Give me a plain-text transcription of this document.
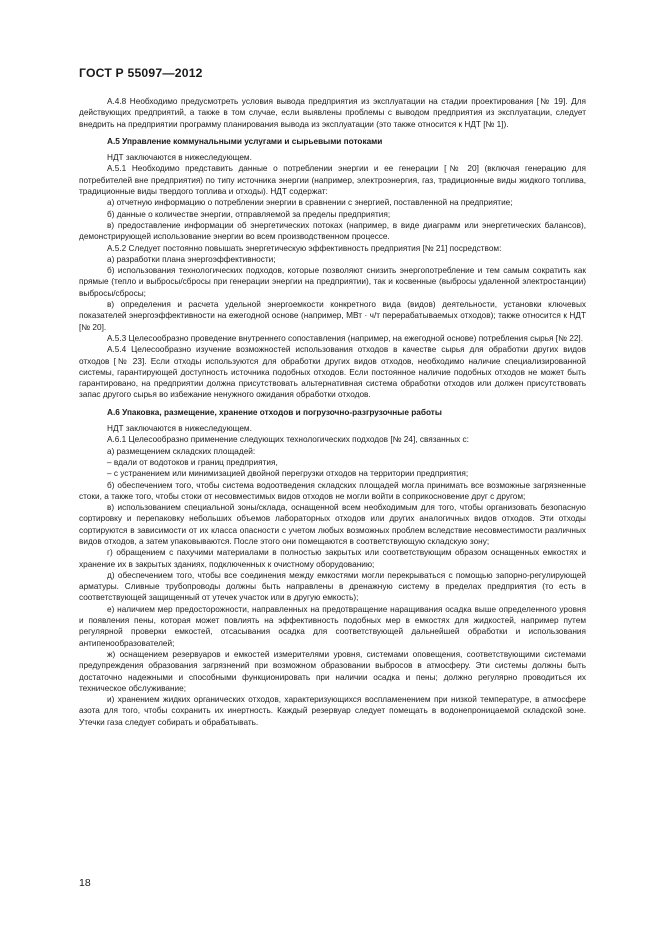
ГОСТ Р 55097—2012

А.4.8 Необходимо предусмотреть условия вывода предприятия из эксплуатации на стадии проектирования [№ 19]. Для действующих предприятий, а также в том случае, если выявлены проблемы с выводом предприятия из эксплуатации, следует внедрить на предприятии программу планирования вывода из эксплуатации (это также относится к НДТ [№ 1]).

А.5 Управление коммунальными услугами и сырьевыми потоками

НДТ заключаются в нижеследующем.

А.5.1 Необходимо представить данные о потреблении энергии и ее генерации [№ 20] (включая генерацию для потребителей вне предприятия) по типу источника энергии (например, электроэнергия, газ, традиционные виды жидкого топлива, традиционные виды твердого топлива и отходы). НДТ содержат:

а) отчетную информацию о потреблении энергии в сравнении с энергией, поставленной на предприятие;

б) данные о количестве энергии, отправляемой за пределы предприятия;

в) предоставление информации об энергетических потоках (например, в виде диаграмм или энергетических балансов), демонстрирующей использование энергии во всем производственном процессе.

А.5.2 Следует постоянно повышать энергетическую эффективность предприятия [№ 21] посредством:

а) разработки плана энергоэффективности;

б) использования технологических подходов, которые позволяют снизить энергопотребление и тем самым сократить как прямые (тепло и выбросы/сбросы при генерации энергии на предприятии), так и косвенные (выбросы удаленной электростанции) выбросы/сбросы;

в) определения и расчета удельной энергоемкости конкретного вида (видов) деятельности, установки ключевых показателей энергоэффективности на ежегодной основе (например, МВт · ч/т перерабатываемых отходов); также относится к НДТ [№ 20].

А.5.3 Целесообразно проведение внутреннего сопоставления (например, на ежегодной основе) потребления сырья [№ 22].

А.5.4 Целесообразно изучение возможностей использования отходов в качестве сырья для обработки других видов отходов [№ 23]. Если отходы используются для обработки других видов отходов, необходимо наличие специализированной системы, гарантирующей доступность источника подобных отходов. Если постоянное наличие подобных отходов не может быть гарантировано, на предприятии должна присутствовать альтернативная система обработки отходов или должен присутствовать запас другого сырья во избежание ненужного ожидания обработки отходов.

А.6 Упаковка, размещение, хранение отходов и погрузочно-разгрузочные работы

НДТ заключаются в нижеследующем.

А.6.1 Целесообразно применение следующих технологических подходов [№ 24], связанных с:

а) размещением складских площадей:

– вдали от водотоков и границ предприятия,

– с устранением или минимизацией двойной перегрузки отходов на территории предприятия;

б) обеспечением того, чтобы система водоотведения складских площадей могла принимать все возможные загрязненные стоки, а также того, чтобы стоки от несовместимых видов отходов не могли войти в соприкосновение друг с другом;

в) использованием специальной зоны/склада, оснащенной всем необходимым для того, чтобы организовать безопасную сортировку и перепаковку небольших объемов лабораторных отходов или других аналогичных видов отходов. Эти отходы сортируются в зависимости от их класса опасности с учетом любых возможных проблем вследствие несовместимости различных видов отходов, а затем упаковываются. После этого они помещаются в соответствующую складскую зону;

г) обращением с пахучими материалами в полностью закрытых или соответствующим образом оснащенных емкостях и хранение их в закрытых зданиях, подключенных к очистному оборудованию;

д) обеспечением того, чтобы все соединения между емкостями могли перекрываться с помощью запорно-регулирующей арматуры. Сливные трубопроводы должны быть направлены в дренажную систему в пределах предприятия (то есть в соответствующей защищенный от утечек участок или в другую емкость);

е) наличием мер предосторожности, направленных на предотвращение наращивания осадка выше определенного уровня и появления пены, которая может повлиять на эффективность подобных мер в емкостях для жидкостей, например путем регулярной проверки емкостей, отсасывания осадка для соответствующей дальнейшей обработки и использования антипенообразователей;

ж) оснащением резервуаров и емкостей измерителями уровня, системами оповещения, соответствующими системами предупреждения образования загрязнений при возможном образовании выбросов в атмосферу. Эти системы должны быть достаточно надежными и способными функционировать при наличии осадка и пены; должно регулярно проводиться их техническое обслуживание;

и) хранением жидких органических отходов, характеризующихся воспламенением при низкой температуре, в атмосфере азота для того, чтобы сохранить их инертность. Каждый резервуар следует помещать в водонепроницаемой складской зоне. Утечки газа следует собирать и обрабатывать.

18
